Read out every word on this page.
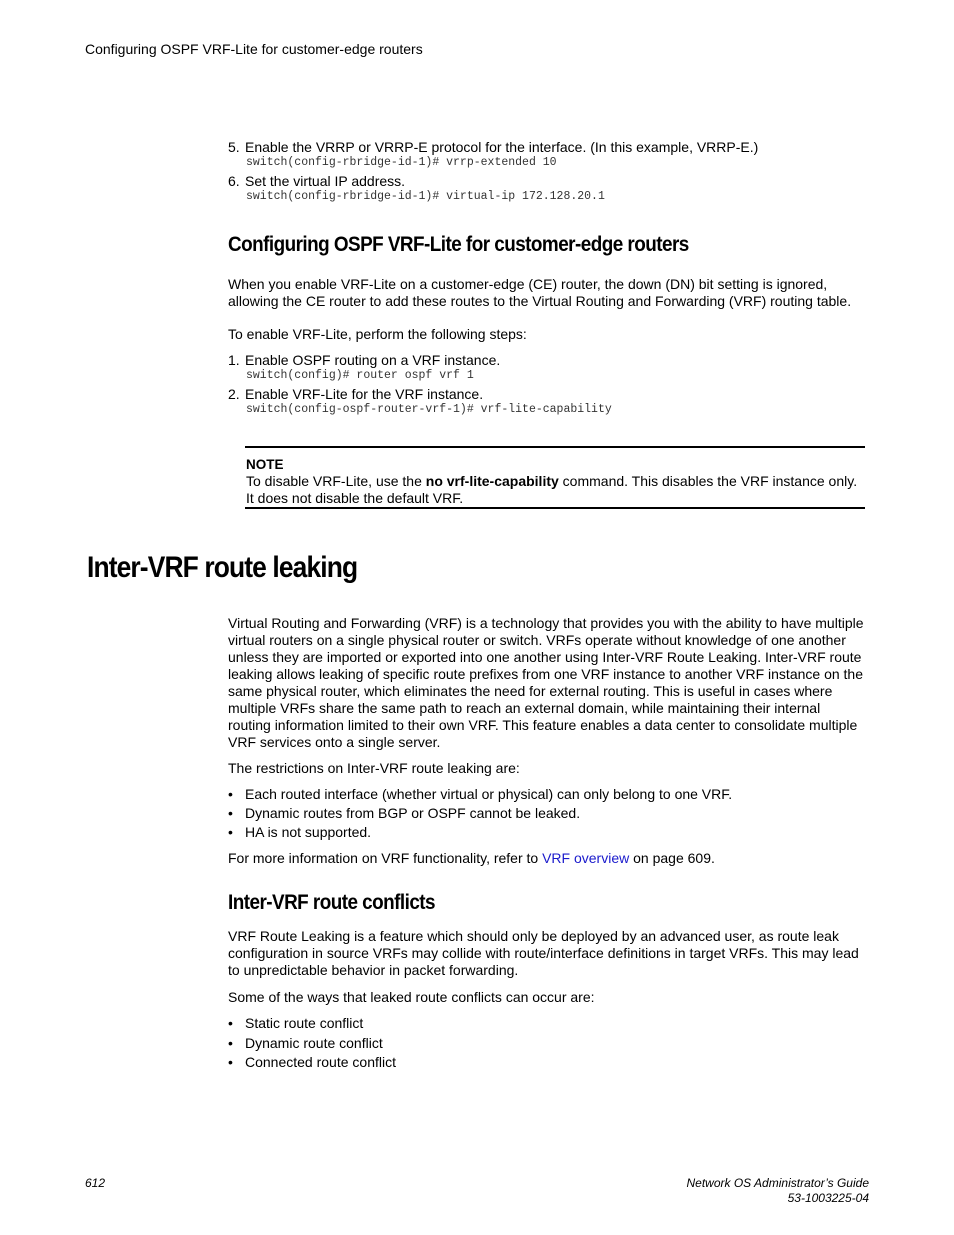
Configuring OSPF VRF-Lite for customer-edge routers
5. Enable the VRRP or VRRP-E protocol for the interface. (In this example, VRRP-E.)
switch(config-rbridge-id-1)# vrrp-extended 10
6. Set the virtual IP address.
switch(config-rbridge-id-1)# virtual-ip 172.128.20.1
Configuring OSPF VRF-Lite for customer-edge routers
When you enable VRF-Lite on a customer-edge (CE) router, the down (DN) bit setting is ignored, allowing the CE router to add these routes to the Virtual Routing and Forwarding (VRF) routing table.
To enable VRF-Lite, perform the following steps:
1. Enable OSPF routing on a VRF instance.
switch(config)# router ospf vrf 1
2. Enable VRF-Lite for the VRF instance.
switch(config-ospf-router-vrf-1)# vrf-lite-capability
NOTE
To disable VRF-Lite, use the no vrf-lite-capability command. This disables the VRF instance only. It does not disable the default VRF.
Inter-VRF route leaking
Virtual Routing and Forwarding (VRF) is a technology that provides you with the ability to have multiple virtual routers on a single physical router or switch. VRFs operate without knowledge of one another unless they are imported or exported into one another using Inter-VRF Route Leaking. Inter-VRF route leaking allows leaking of specific route prefixes from one VRF instance to another VRF instance on the same physical router, which eliminates the need for external routing. This is useful in cases where multiple VRFs share the same path to reach an external domain, while maintaining their internal routing information limited to their own VRF. This feature enables a data center to consolidate multiple VRF services onto a single server.
The restrictions on Inter-VRF route leaking are:
• Each routed interface (whether virtual or physical) can only belong to one VRF.
• Dynamic routes from BGP or OSPF cannot be leaked.
• HA is not supported.
For more information on VRF functionality, refer to VRF overview on page 609.
Inter-VRF route conflicts
VRF Route Leaking is a feature which should only be deployed by an advanced user, as route leak configuration in source VRFs may collide with route/interface definitions in target VRFs. This may lead to unpredictable behavior in packet forwarding.
Some of the ways that leaked route conflicts can occur are:
• Static route conflict
• Dynamic route conflict
• Connected route conflict
612	Network OS Administrator’s Guide
53-1003225-04
